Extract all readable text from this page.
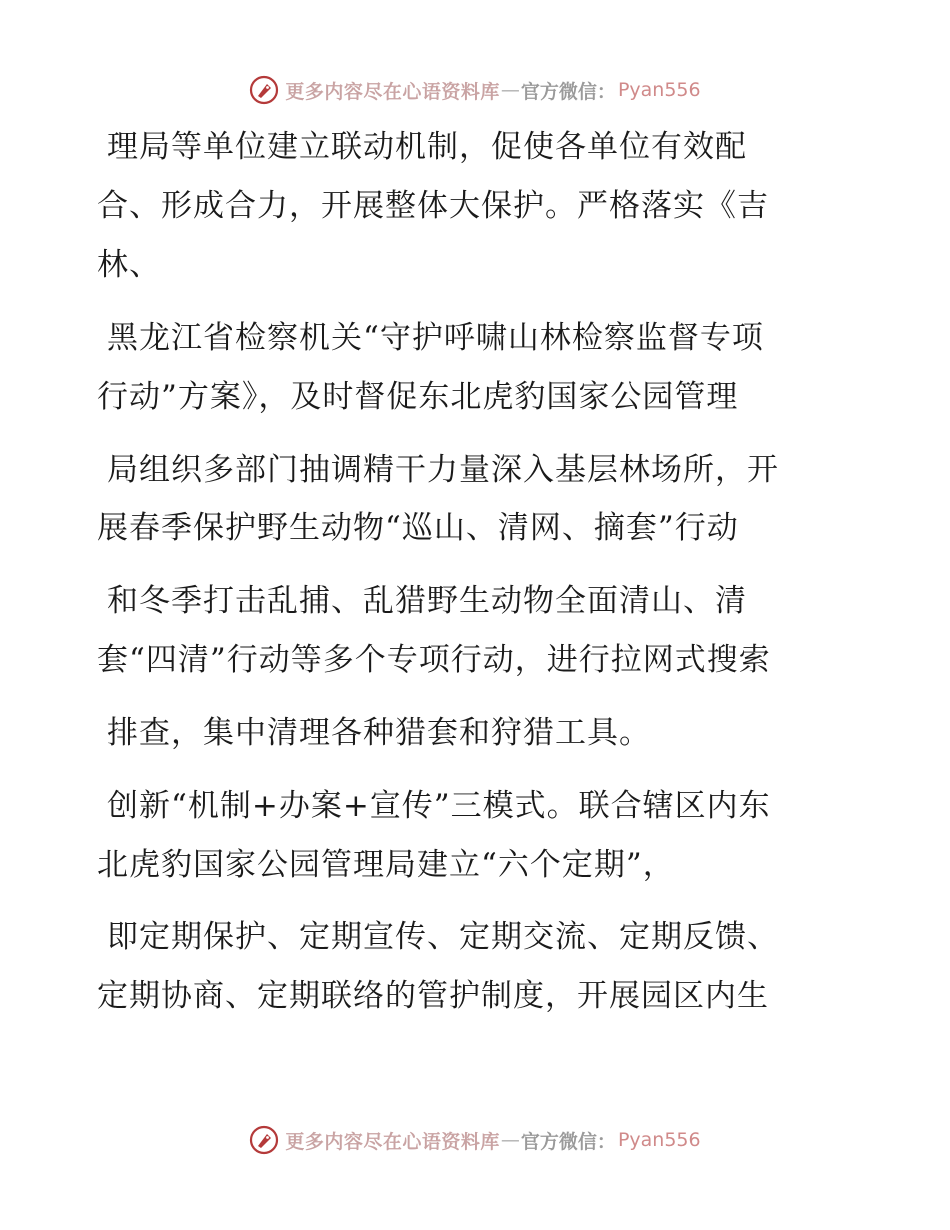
更多内容尽在心语资料库 — 官方微信： Pyan556
理局等单位建立联动机制，促使各单位有效配
合、形成合力，开展整体大保护。严格落实《吉
林、
黑龙江省检察机关“守护呼啸山林检察监督专项
行动”方案》，及时督促东北虎豹国家公园管理
局组织多部门抽调精干力量深入基层林场所，开
展春季保护野生动物“巡山、清网、摘套”行动
和冬季打击乱捕、乱猎野生动物全面清山、清
套“四清”行动等多个专项行动，进行拉网式搜索
排查，集中清理各种猎套和狩猎工具。
创新“机制+办案+宣传”三模式。联合辖区内东
北虎豹国家公园管理局建立“六个定期”，
即定期保护、定期宣传、定期交流、定期反馈、
定期协商、定期联络的管护制度，开展园区内生
更多内容尽在心语资料库 — 官方微信： Pyan556
